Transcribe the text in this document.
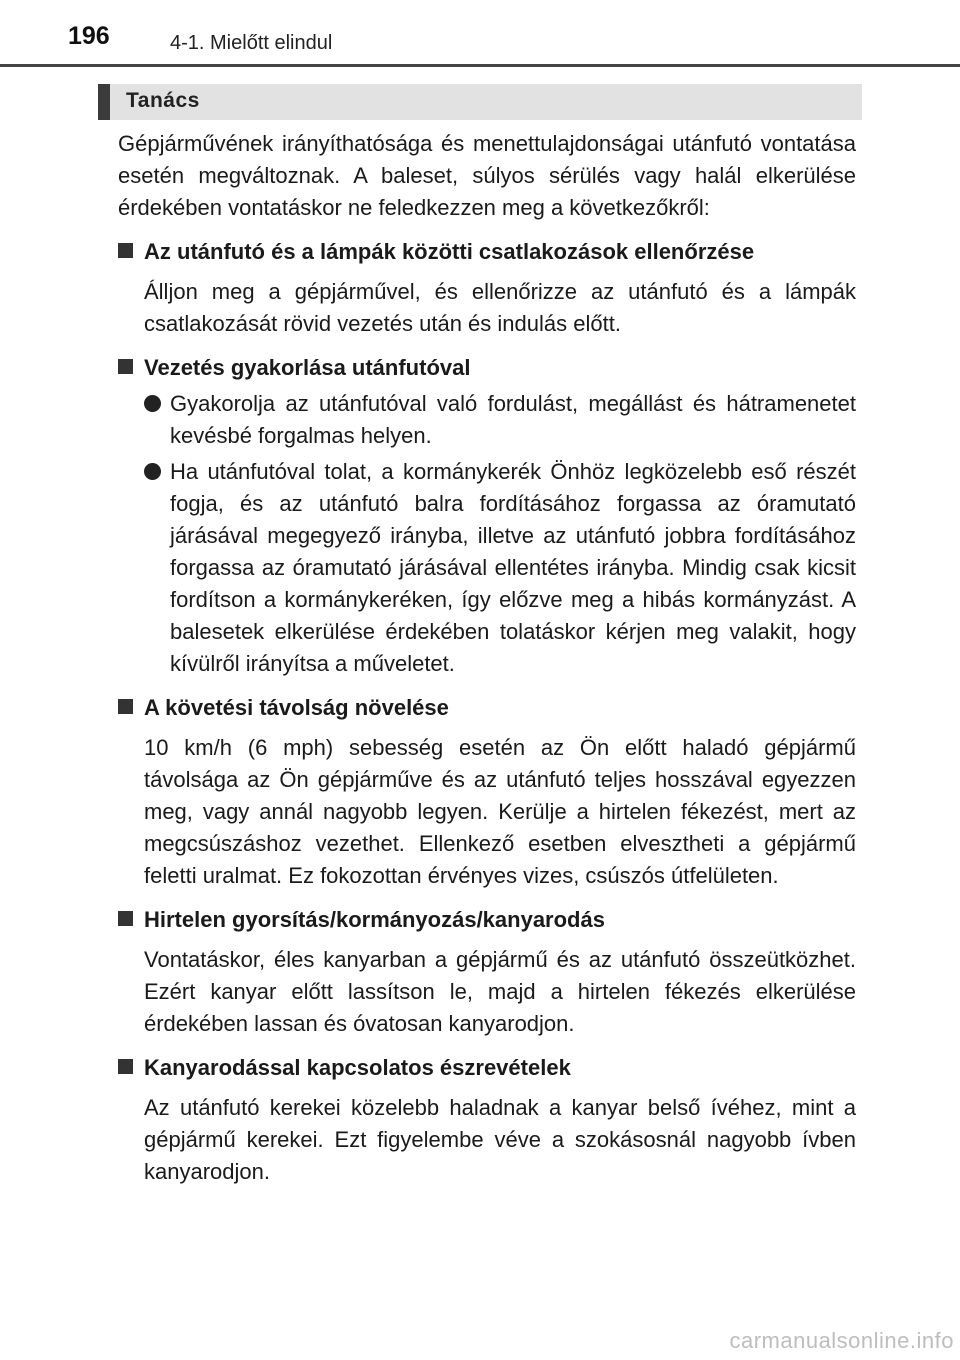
196	4-1. Mielőtt elindul
Tanács

Gépjárművének irányíthatósága és menettulajdonságai utánfutó vontatása esetén megváltoznak. A baleset, súlyos sérülés vagy halál elkerülése érdekében vontatáskor ne feledkezzen meg a következőkről:

Az utánfutó és a lámpák közötti csatlakozások ellenőrzése

Álljon meg a gépjárművel, és ellenőrizze az utánfutó és a lámpák csatlakozását rövid vezetés után és indulás előtt.

Vezetés gyakorlása utánfutóval

Gyakorolja az utánfutóval való fordulást, megállást és hátramenetet kevésbé forgalmas helyen.

Ha utánfutóval tolat, a kormánykerék Önhöz legközelebb eső részét fogja, és az utánfutó balra fordításához forgassa az óramutató járásával megegyező irányba, illetve az utánfutó jobbra fordításához forgassa az óramutató járásával ellentétes irányba. Mindig csak kicsit fordítson a kormánykeréken, így előzve meg a hibás kormányzást. A balesetek elkerülése érdekében tolatáskor kérjen meg valakit, hogy kívülről irányítsa a műveletet.

A követési távolság növelése

10 km/h (6 mph) sebesség esetén az Ön előtt haladó gépjármű távolsága az Ön gépjárműve és az utánfutó teljes hosszával egyezzen meg, vagy annál nagyobb legyen. Kerülje a hirtelen fékezést, mert az megcsúszáshoz vezethet. Ellenkező esetben elvesztheti a gépjármű feletti uralmat. Ez fokozottan érvényes vizes, csúszós útfelületen.

Hirtelen gyorsítás/kormányozás/kanyarodás

Vontatáskor, éles kanyarban a gépjármű és az utánfutó összeütközhet. Ezért kanyar előtt lassítson le, majd a hirtelen fékezés elkerülése érdekében lassan és óvatosan kanyarodjon.

Kanyarodással kapcsolatos észrevételek

Az utánfutó kerekei közelebb haladnak a kanyar belső ívéhez, mint a gépjármű kerekei. Ezt figyelembe véve a szokásosnál nagyobb ívben kanyarodjon.

carmanualsonline.info
